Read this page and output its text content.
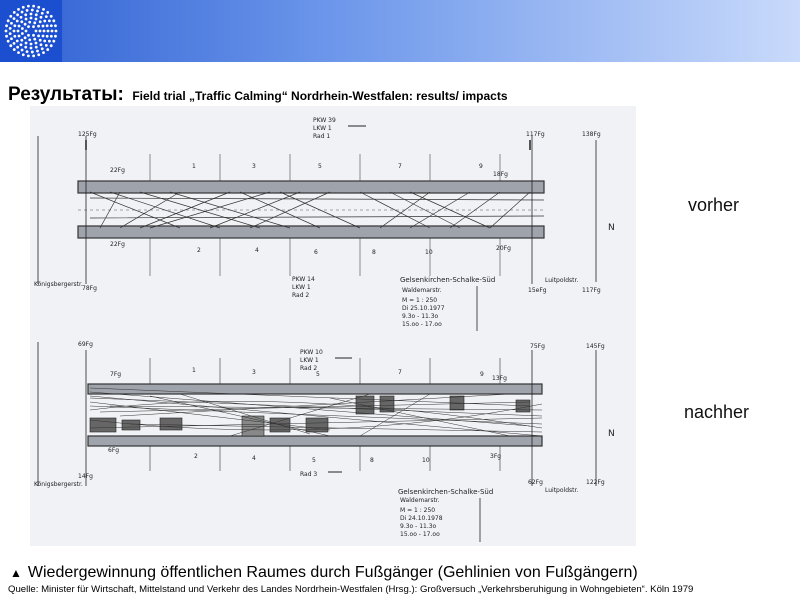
Результаты: Field trial „Traffic Calming“ Nordrhein-Westfalen: results/ impacts
PKW 39
LKW 1
Rad 1
1	3	5	7	9
2	4	6	8	10
125Fg	117Fg	138Fg
22Fg
18Fg
22Fg
20Fg
78Fg	15eFg	117Fg
PKW 14
LKW 1
Rad 2
Königsbergerstr.
Luitpoldstr.
Gelsenkirchen-Schalke-Süd
Waldemarstr.
M = 1 : 250
Di 25.10.1977
9.3o - 11.3o
15.oo - 17.oo
N
PKW 10
LKW 1
Rad 2
1	3	5	7	9
2	4	5	8	10
69Fg	75Fg	145Fg
7Fg
13Fg
6Fg
3Fg
14Fg
62Fg	122Fg
Rad 3
Königsbergerstr.
Luitpoldstr.
Gelsenkirchen-Schalke-Süd
Waldemarstr.
M = 1 : 250
Di 24.10.1978
9.3o - 11.3o
15.oo - 17.oo
N
vorher
nachher
▲ Wiedergewinnung öffentlichen Raumes durch Fußgänger (Gehlinien von Fußgängern)
Quelle: Minister für Wirtschaft, Mittelstand und Verkehr des Landes Nordrhein-Westfalen (Hrsg.): Großversuch „Verkehrsberuhigung in Wohngebieten“. Köln 1979
